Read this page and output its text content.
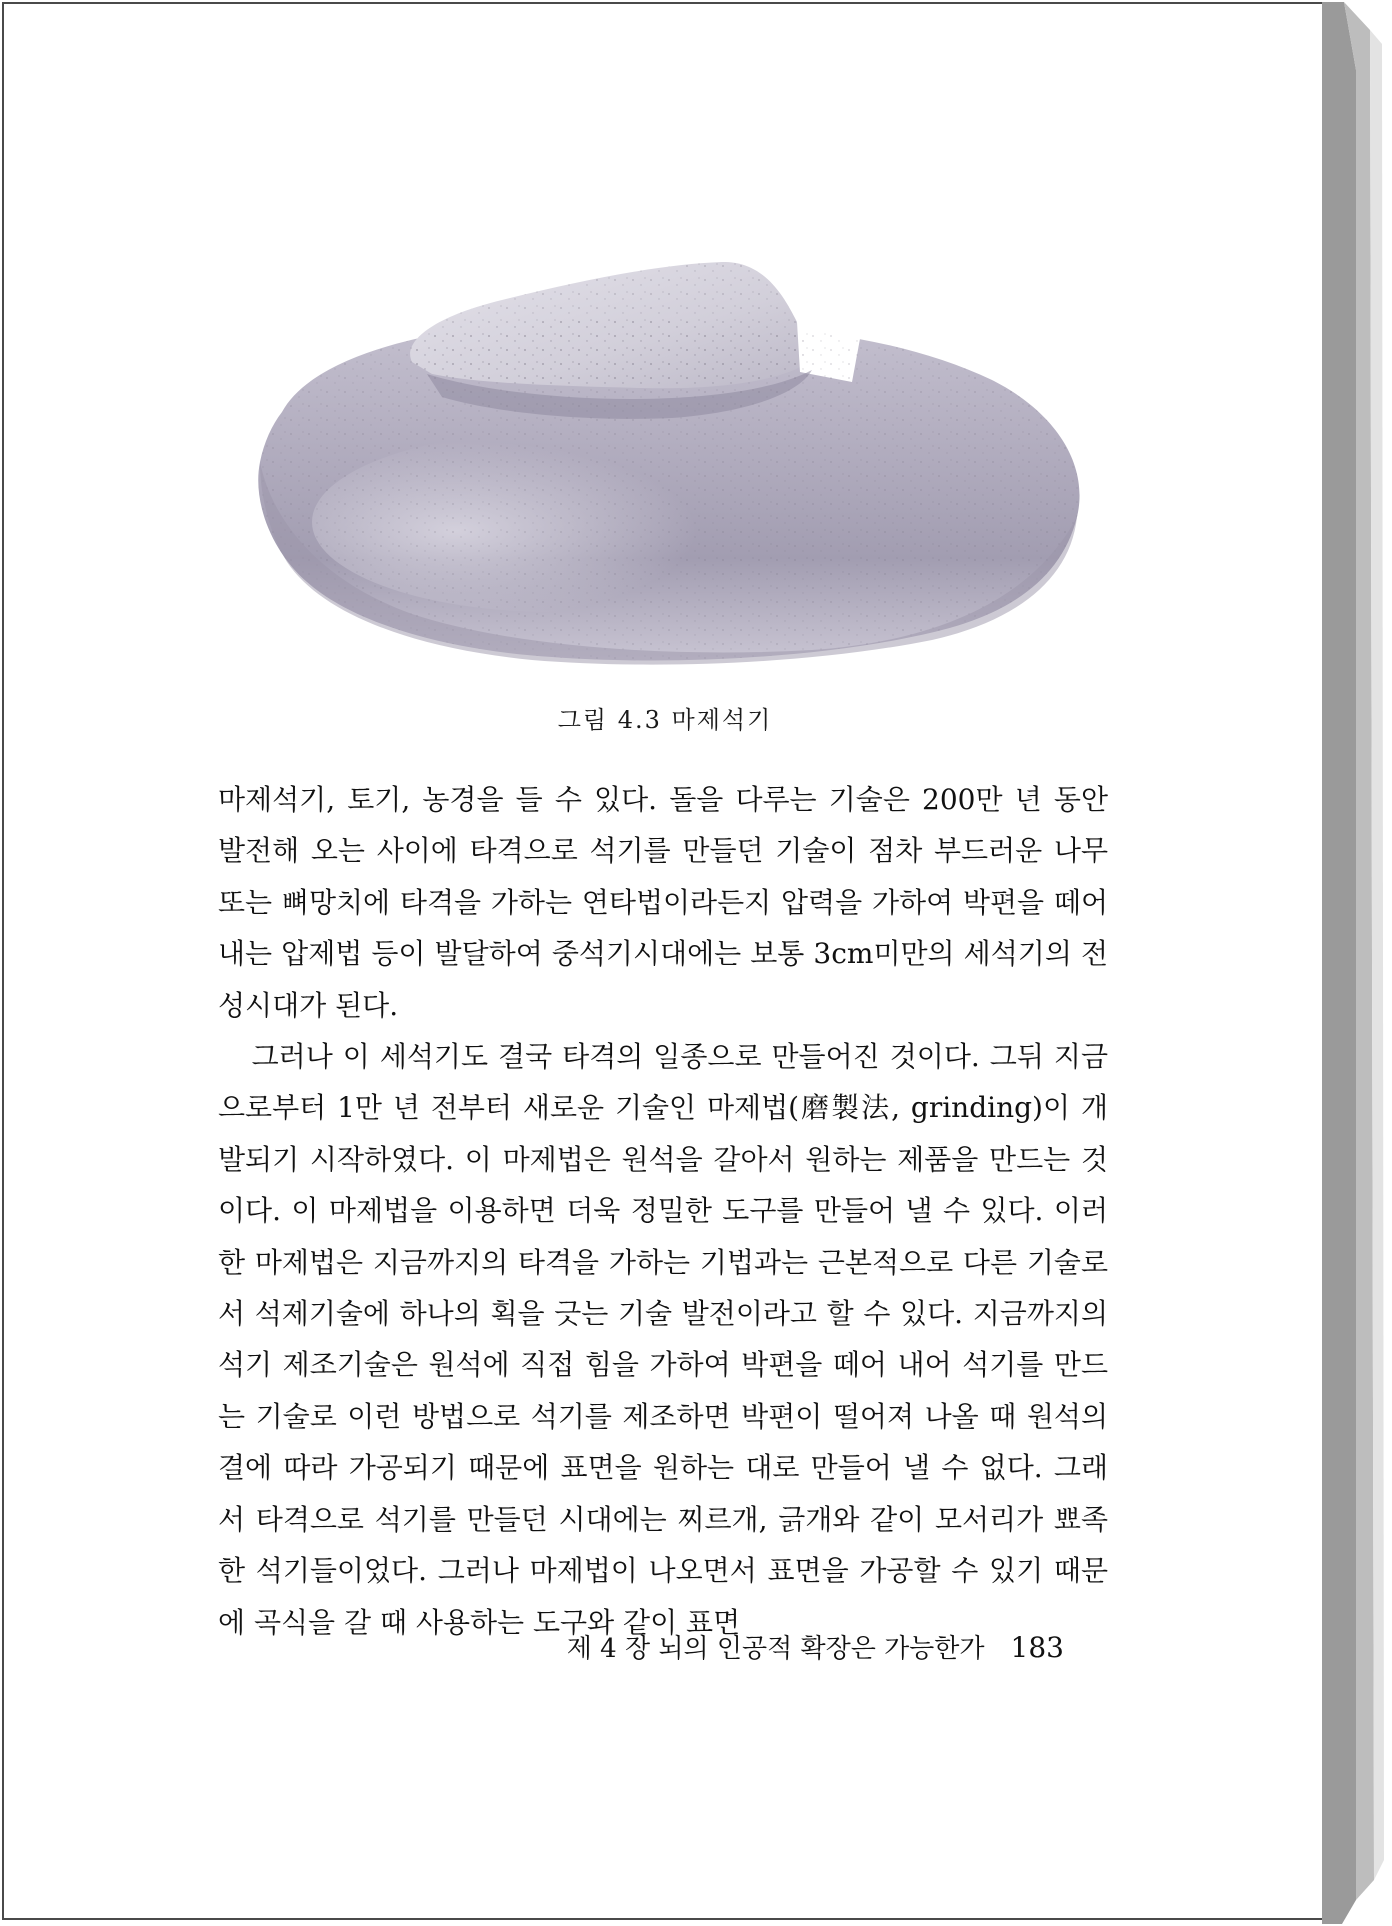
그림 4.3 마제석기

마제석기, 토기, 농경을 들 수 있다. 돌을 다루는 기술은 200만 년 동안 발전해 오는 사이에 타격으로 석기를 만들던 기술이 점차 부드러운 나무 또는 뼈망치에 타격을 가하는 연타법이라든지 압력을 가하여 박편을 떼어 내는 압제법 등이 발달하여 중석기시대에는 보통 3cm미만의 세석기의 전성시대가 된다.

그러나 이 세석기도 결국 타격의 일종으로 만들어진 것이다. 그뒤 지금으로부터 1만 년 전부터 새로운 기술인 마제법(磨製法, grinding)이 개발되기 시작하였다. 이 마제법은 원석을 갈아서 원하는 제품을 만드는 것이다. 이 마제법을 이용하면 더욱 정밀한 도구를 만들어 낼 수 있다. 이러한 마제법은 지금까지의 타격을 가하는 기법과는 근본적으로 다른 기술로서 석제기술에 하나의 획을 긋는 기술 발전이라고 할 수 있다. 지금까지의 석기 제조기술은 원석에 직접 힘을 가하여 박편을 떼어 내어 석기를 만드는 기술로 이런 방법으로 석기를 제조하면 박편이 떨어져 나올 때 원석의 결에 따라 가공되기 때문에 표면을 원하는 대로 만들어 낼 수 없다. 그래서 타격으로 석기를 만들던 시대에는 찌르개, 긁개와 같이 모서리가 뾰족한 석기들이었다. 그러나 마제법이 나오면서 표면을 가공할 수 있기 때문에 곡식을 갈 때 사용하는 도구와 같이 표면

제 4 장 뇌의 인공적 확장은 가능한가 183
